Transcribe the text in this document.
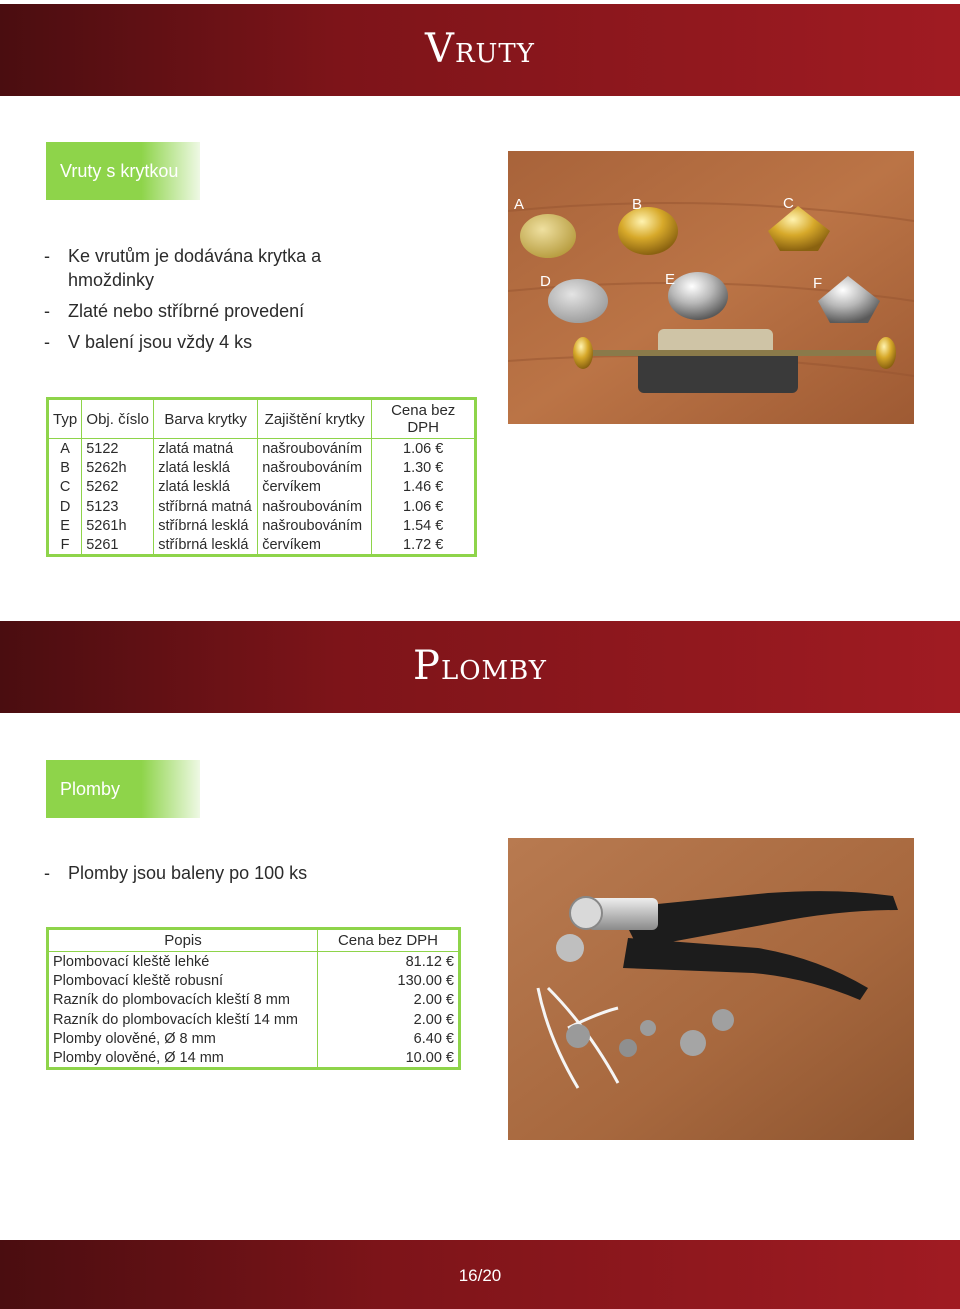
VRUTY
Vruty s krytkou
- Ke vrutům je dodávána krytka a hmoždinky
- Zlaté nebo stříbrné provedení
- V balení jsou vždy 4 ks
A	B	C
D	E	F
Typ	Obj. číslo	Barva krytky	Zajištění krytky	Cena bez DPH
A	5122	zlatá matná	našroubováním	1.06 €
B	5262h	zlatá lesklá	našroubováním	1.30 €
C	5262	zlatá lesklá	červíkem	1.46 €
D	5123	stříbrná matná	našroubováním	1.06 €
E	5261h	stříbrná lesklá	našroubováním	1.54 €
F	5261	stříbrná lesklá	červíkem	1.72 €
PLOMBY
Plomby
- Plomby jsou baleny po 100 ks
Popis	Cena bez DPH
Plombovací kleště lehké	81.12 €
Plombovací kleště robusní	130.00 €
Razník do plombovacích kleští 8 mm	2.00 €
Razník do plombovacích kleští 14 mm	2.00 €
Plomby olověné, Ø 8 mm	6.40 €
Plomby olověné, Ø 14 mm	10.00 €
16/20
